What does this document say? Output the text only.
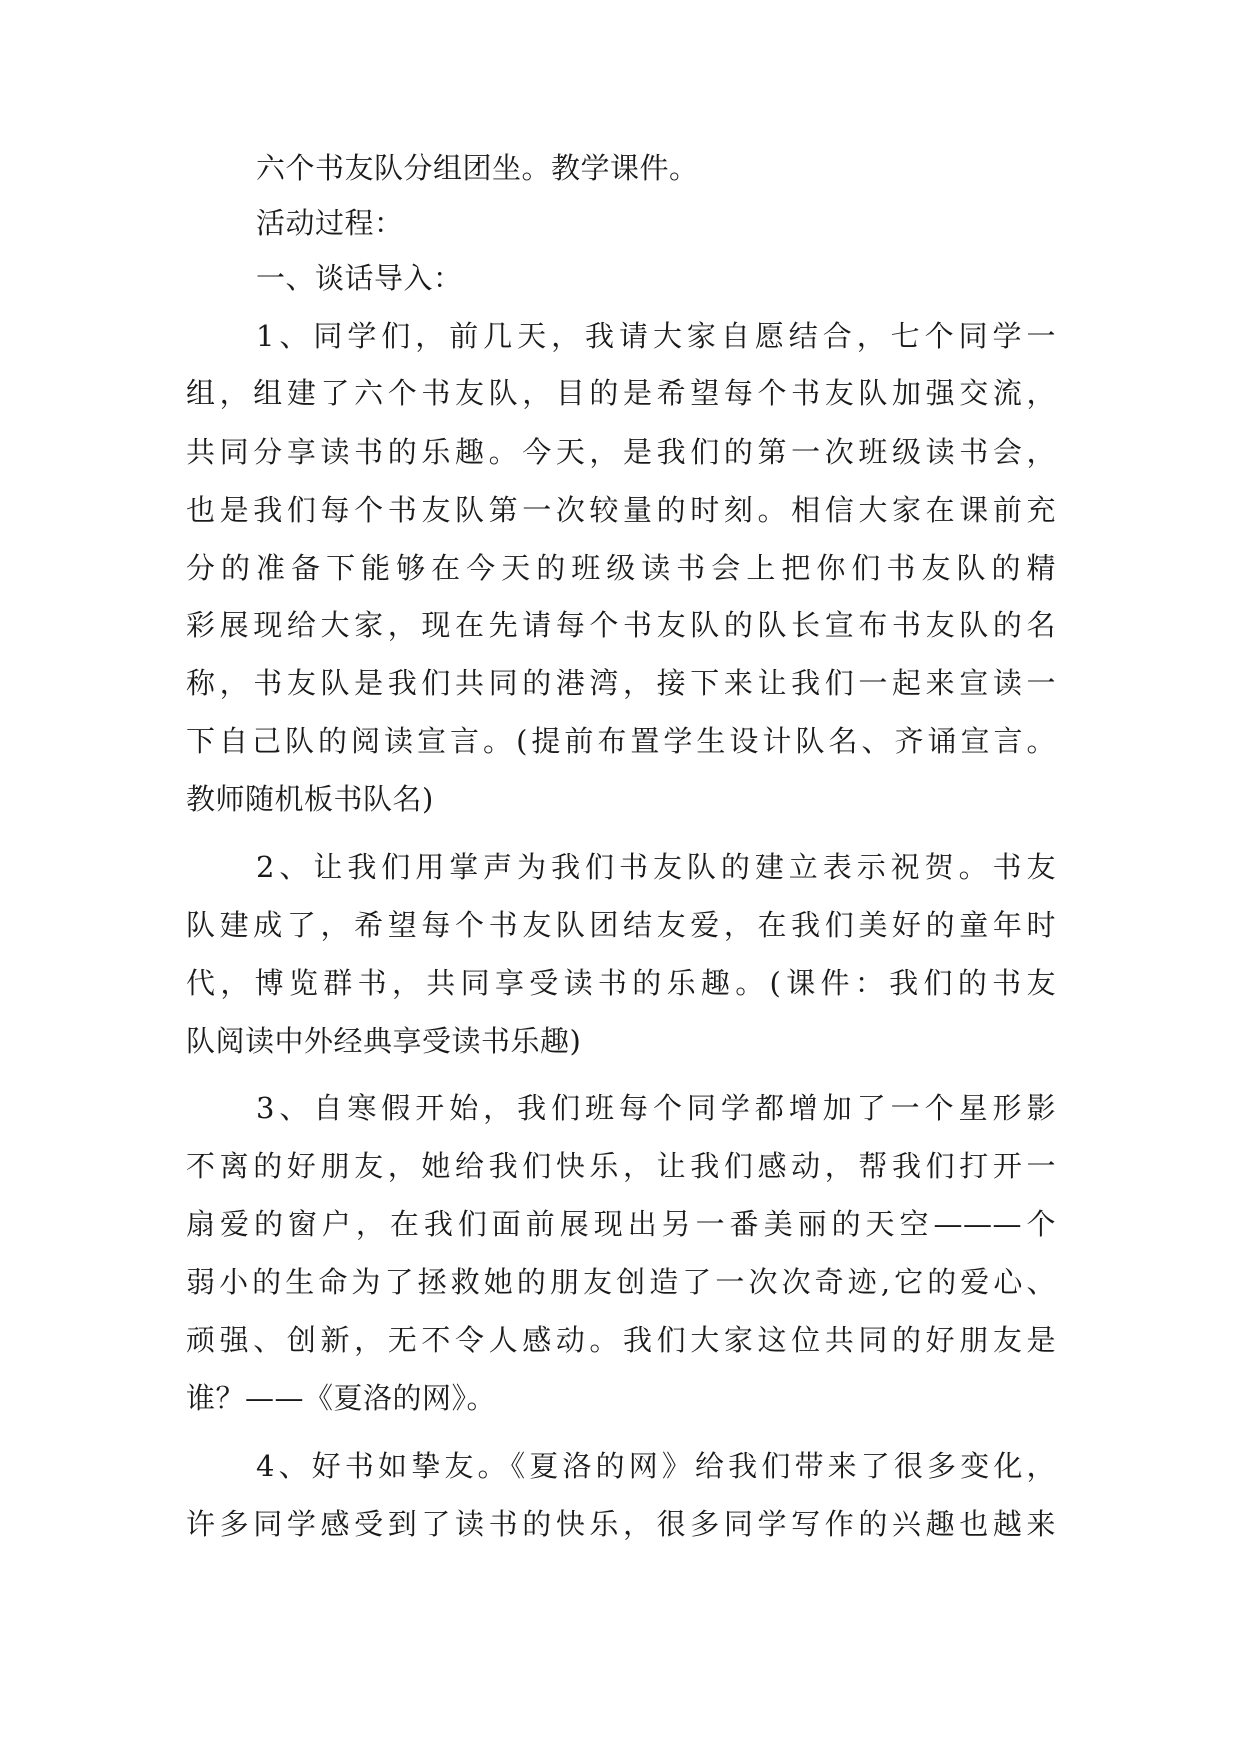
六个书友队分组团坐。教学课件。
活动过程：
一、谈话导入：
1、同学们，前几天，我请大家自愿结合，七个同学一
组，组建了六个书友队，目的是希望每个书友队加强交流，
共同分享读书的乐趣。今天，是我们的第一次班级读书会，
也是我们每个书友队第一次较量的时刻。相信大家在课前充
分的准备下能够在今天的班级读书会上把你们书友队的精
彩展现给大家，现在先请每个书友队的队长宣布书友队的名
称，书友队是我们共同的港湾，接下来让我们一起来宣读一
下自己队的阅读宣言。(提前布置学生设计队名、齐诵宣言。
教师随机板书队名)
2、让我们用掌声为我们书友队的建立表示祝贺。书友
队建成了，希望每个书友队团结友爱，在我们美好的童年时
代，博览群书，共同享受读书的乐趣。(课件：我们的书友
队阅读中外经典享受读书乐趣)
3、自寒假开始，我们班每个同学都增加了一个星形影
不离的好朋友，她给我们快乐，让我们感动，帮我们打开一
扇爱的窗户，在我们面前展现出另一番美丽的天空———个
弱小的生命为了拯救她的朋友创造了一次次奇迹,它的爱心、
顽强、创新，无不令人感动。我们大家这位共同的好朋友是
谁？——《夏洛的网》。
4、好书如挚友。《夏洛的网》给我们带来了很多变化，
许多同学感受到了读书的快乐，很多同学写作的兴趣也越来
